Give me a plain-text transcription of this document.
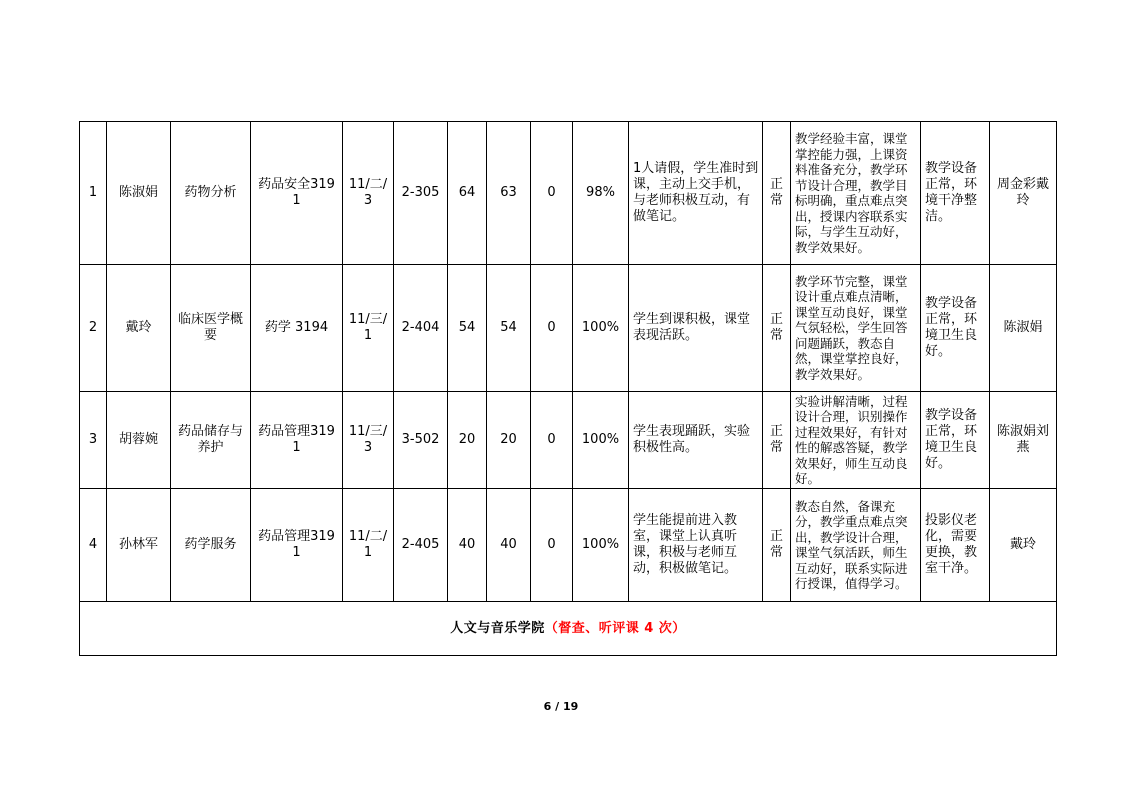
1	陈淑娟	药物分析	药品安全3191	11/二/3	2-305	64	63	0	98%	1人请假，学生准时到课，主动上交手机，与老师积极互动，有做笔记。	正常	教学经验丰富，课堂掌控能力强，上课资料准备充分，教学环节设计合理，教学目标明确，重点难点突出，授课内容联系实际，与学生互动好，教学效果好。	教学设备正常，环境干净整洁。	周金彩戴玲
2	戴玲	临床医学概要	药学 3194	11/三/1	2-404	54	54	0	100%	学生到课积极，课堂表现活跃。	正常	教学环节完整，课堂设计重点难点清晰，课堂互动良好，课堂气氛轻松，学生回答问题踊跃，教态自然，课堂掌控良好，教学效果好。	教学设备正常，环境卫生良好。	陈淑娟
3	胡蓉婉	药品储存与养护	药品管理3191	11/三/3	3-502	20	20	0	100%	学生表现踊跃，实验积极性高。	正常	实验讲解清晰，过程设计合理，识别操作过程效果好，有针对性的解惑答疑，教学效果好，师生互动良好。	教学设备正常，环境卫生良好。	陈淑娟刘燕
4	孙林军	药学服务	药品管理3191	11/二/1	2-405	40	40	0	100%	学生能提前进入教室，课堂上认真听课，积极与老师互动，积极做笔记。	正常	教态自然，备课充分，教学重点难点突出，教学设计合理，课堂气氛活跃，师生互动好，联系实际进行授课，值得学习。	投影仪老化，需要更换，教室干净。	戴玲
人文与音乐学院（督查、听评课 4 次）														
6 / 19
